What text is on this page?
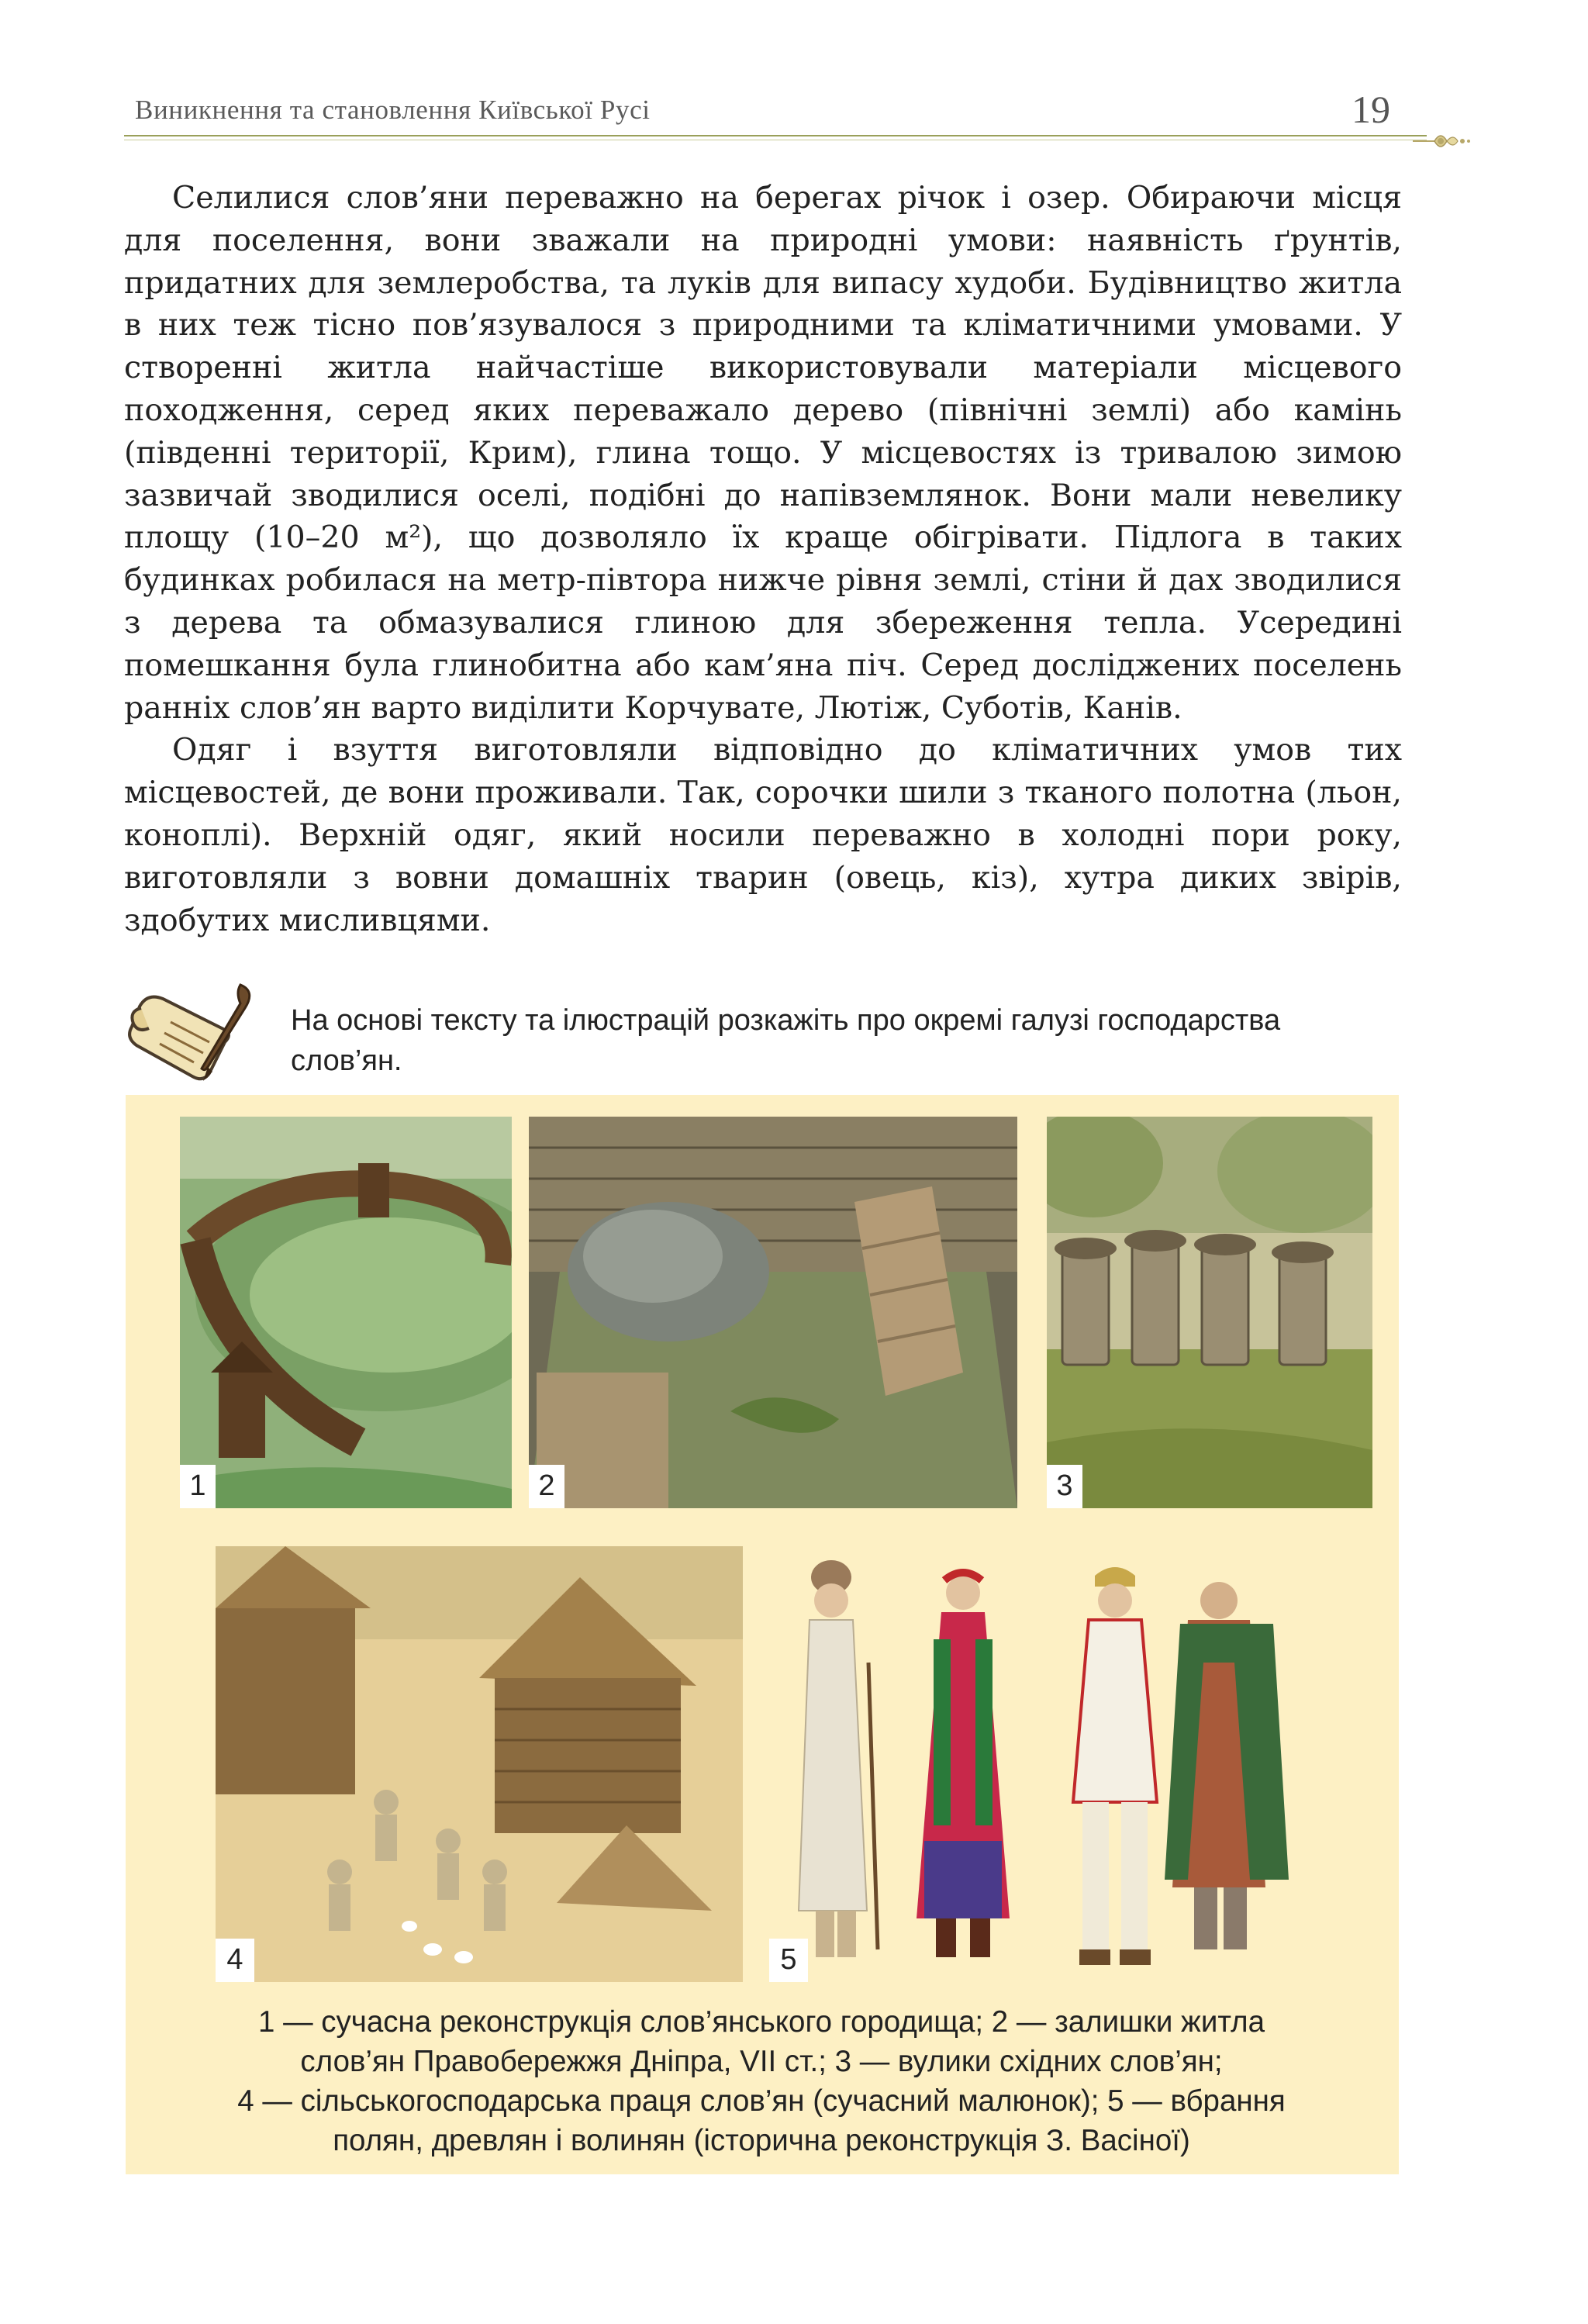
Виникнення та становлення Київської Русі	19

Селилися слов’яни переважно на берегах річок і озер. Обираючи місця для поселення, вони зважали на природні умови: наявність ґрунтів, придатних для землеробства, та луків для випасу худоби. Будівництво житла в них теж тісно пов’язувалося з природними та кліматичними умовами. У створенні житла найчастіше використовували матеріали місцевого походження, серед яких переважало дерево (північні землі) або камінь (південні території, Крим), глина тощо. У місцевостях із тривалою зимою зазвичай зводилися оселі, подібні до напівземлянок. Вони мали невелику площу (10–20 м²), що дозволяло їх краще обігрівати. Підлога в таких будинках робилася на метр-півтора нижче рівня землі, стіни й дах зводилися з дерева та обмазувалися глиною для збереження тепла. Усередині помешкання була глинобитна або кам’яна піч. Серед досліджених поселень ранніх слов’ян варто виділити Корчувате, Лютіж, Суботів, Канів.

Одяг і взуття виготовляли відповідно до кліматичних умов тих місцевостей, де вони проживали. Так, сорочки шили з тканого полотна (льон, коноплі). Верхній одяг, який носили переважно в холодні пори року, виготовляли з вовни домашніх тварин (овець, кіз), хутра диких звірів, здобутих мисливцями.

На основі тексту та ілюстрацій розкажіть про окремі галузі господарства слов’ян.
1	2	3
4	5
1 — сучасна реконструкція слов’янського городища; 2 — залишки житла
слов’ян Правобережжя Дніпра, VII ст.; 3 — вулики східних слов’ян;
4 — сільськогосподарська праця слов’ян (сучасний малюнок); 5 — вбрання
полян, древлян і волинян (історична реконструкція З. Васіної)
